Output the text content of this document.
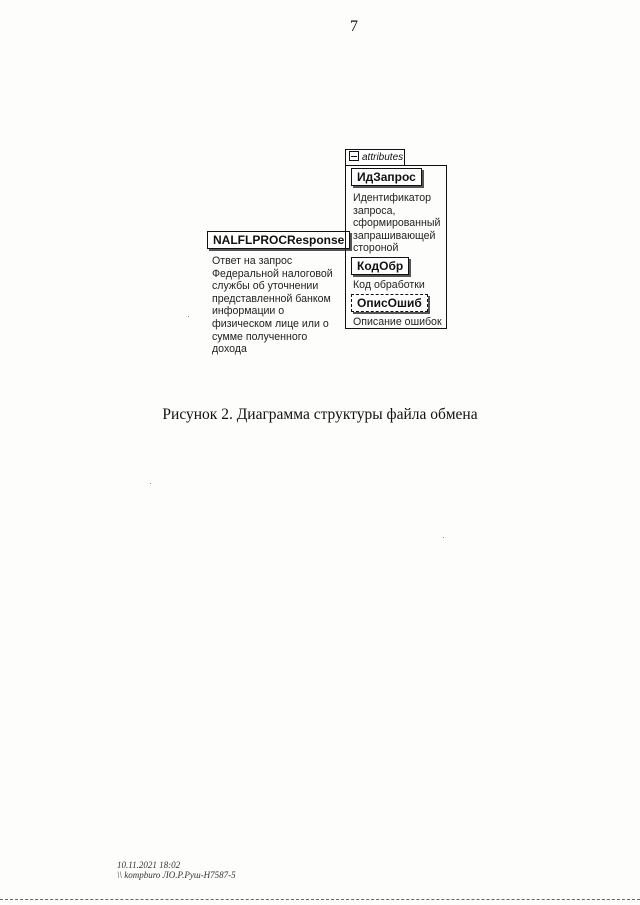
7
NALFLPROCResponse
Ответ на запрос
Федеральной налоговой
службы об уточнении
представленной банком
информации о
физическом лице или о
сумме полученного
дохода
attributes
ИдЗапрос
Идентификатор
запроса,
сформированный
запрашивающей
стороной
КодОбр
Код обработки
ОписОшиб
Описание ошибок
Рисунок 2. Диаграмма структуры файла обмена
10.11.2021 18:02
\\ kompburo ЛО.Р.Руш-Н7587-5
